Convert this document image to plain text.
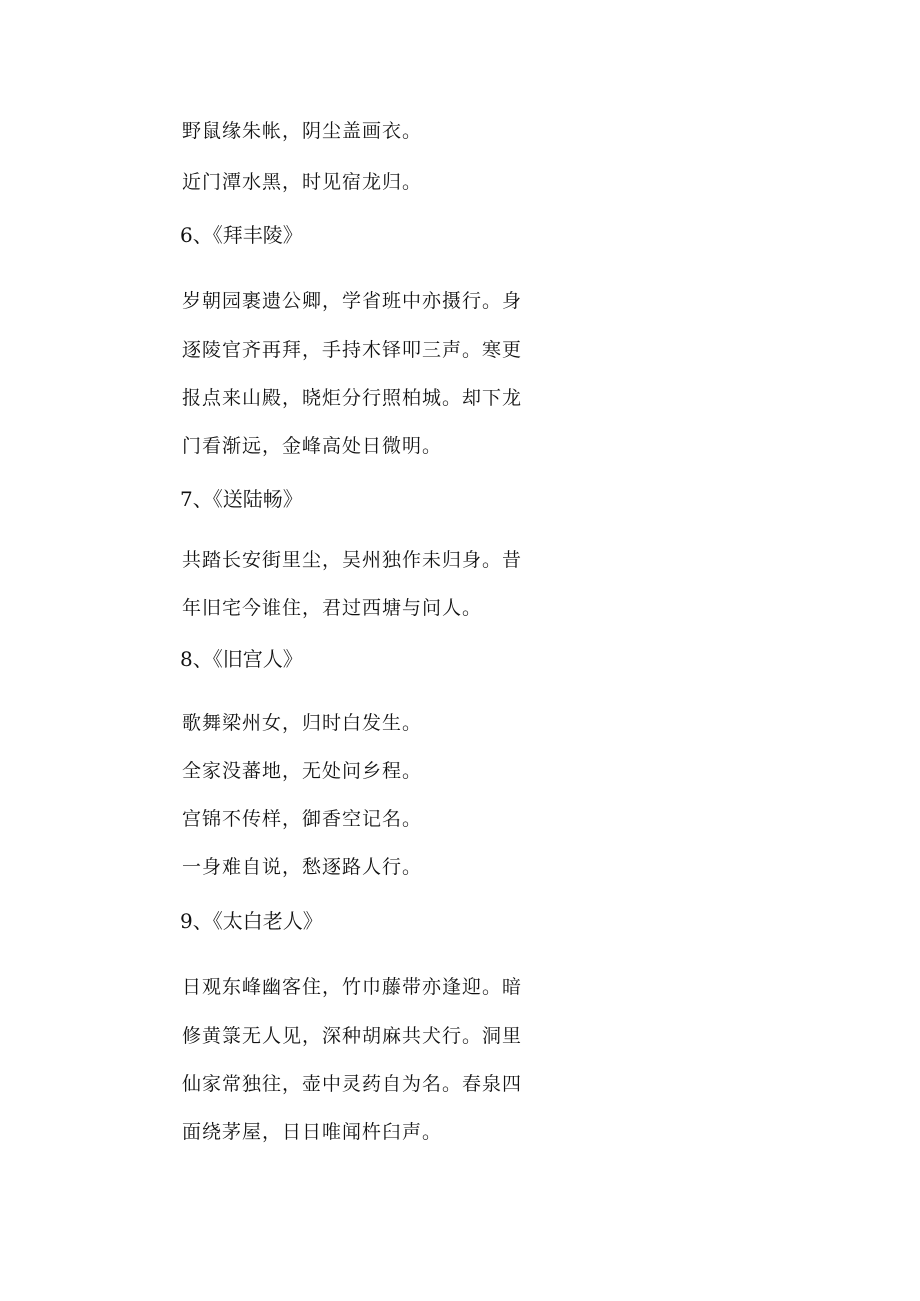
野鼠缘朱帐，阴尘盖画衣。
近门潭水黑，时见宿龙归。
6、《拜丰陵》
岁朝园裹遗公卿，学省班中亦摄行。身
逐陵官齐再拜，手持木铎叩三声。寒更
报点来山殿，晓炬分行照柏城。却下龙
门看渐远，金峰高处日微明。
7、《送陆畅》
共踏长安街里尘，吴州独作未归身。昔
年旧宅今谁住，君过西塘与问人。
8、《旧宫人》
歌舞梁州女，归时白发生。
全家没蕃地，无处问乡程。
宫锦不传样，御香空记名。
一身难自说，愁逐路人行。
9、《太白老人》
日观东峰幽客住，竹巾藤带亦逢迎。暗
修黄箓无人见，深种胡麻共犬行。洞里
仙家常独往，壶中灵药自为名。春泉四
面绕茅屋，日日唯闻杵臼声。
